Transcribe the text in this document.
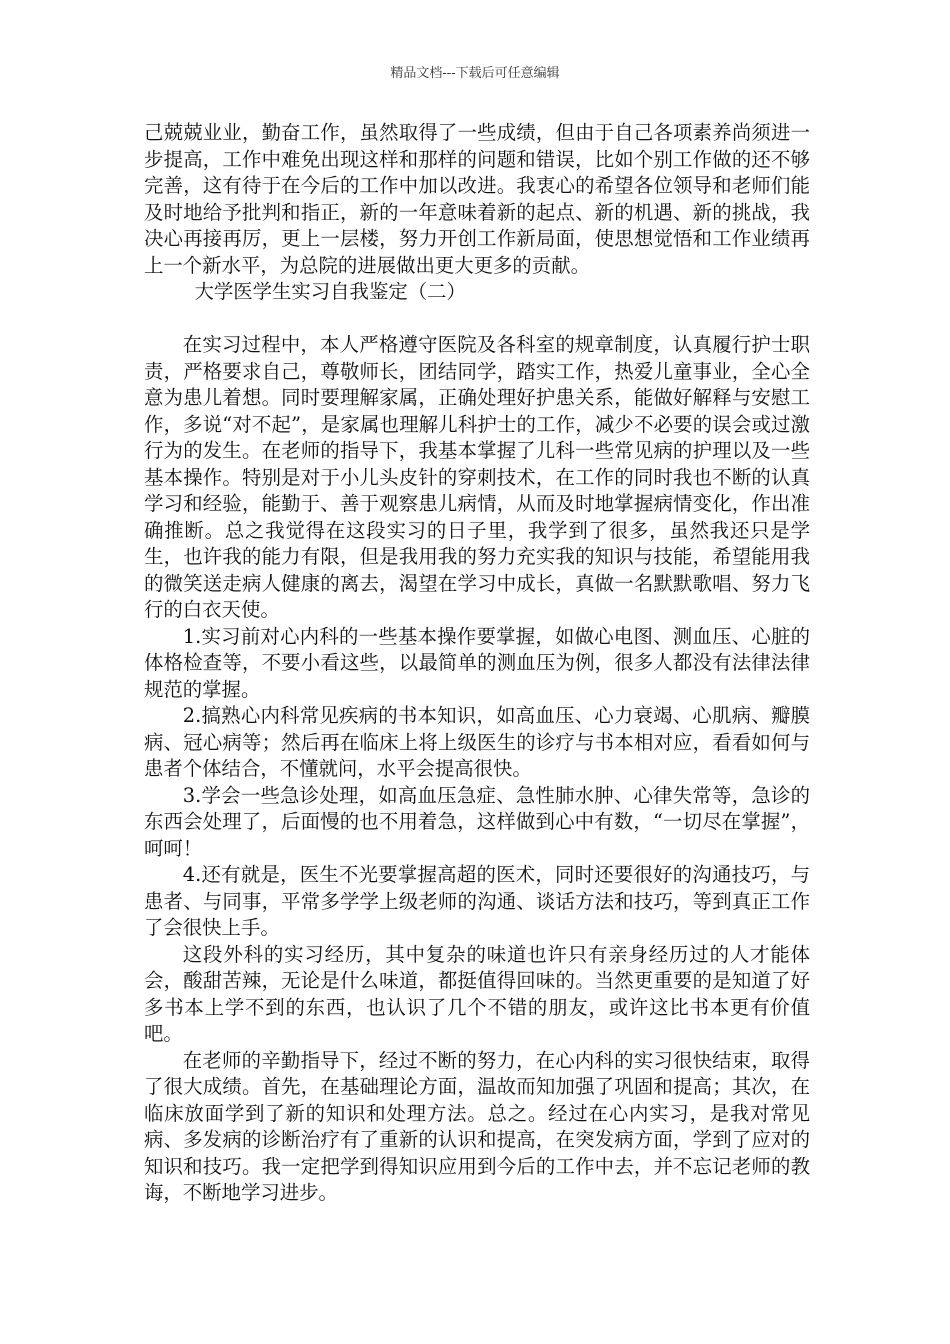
精品文档---下载后可任意编辑

己兢兢业业，勤奋工作，虽然取得了一些成绩，但由于自己各项素养尚须进一步提高，工作中难免出现这样和那样的问题和错误，比如个别工作做的还不够完善，这有待于在今后的工作中加以改进。我衷心的希望各位领导和老师们能及时地给予批判和指正，新的一年意味着新的起点、新的机遇、新的挑战，我决心再接再厉，更上一层楼，努力开创工作新局面，使思想觉悟和工作业绩再上一个新水平，为总院的进展做出更大更多的贡献。

大学医学生实习自我鉴定（二）

在实习过程中，本人严格遵守医院及各科室的规章制度，认真履行护士职责，严格要求自己，尊敬师长，团结同学，踏实工作，热爱儿童事业，全心全意为患儿着想。同时要理解家属，正确处理好护患关系，能做好解释与安慰工作，多说“对不起”，是家属也理解儿科护士的工作，减少不必要的误会或过激行为的发生。在老师的指导下，我基本掌握了儿科一些常见病的护理以及一些基本操作。特别是对于小儿头皮针的穿刺技术，在工作的同时我也不断的认真学习和经验，能勤于、善于观察患儿病情，从而及时地掌握病情变化，作出准确推断。总之我觉得在这段实习的日子里，我学到了很多，虽然我还只是学生，也许我的能力有限，但是我用我的努力充实我的知识与技能，希望能用我的微笑送走病人健康的离去，渴望在学习中成长，真做一名默默歌唱、努力飞行的白衣天使。

1.实习前对心内科的一些基本操作要掌握，如做心电图、测血压、心脏的体格检查等，不要小看这些，以最简单的测血压为例，很多人都没有法律法律规范的掌握。

2.搞熟心内科常见疾病的书本知识，如高血压、心力衰竭、心肌病、瓣膜病、冠心病等；然后再在临床上将上级医生的诊疗与书本相对应，看看如何与患者个体结合，不懂就问，水平会提高很快。

3.学会一些急诊处理，如高血压急症、急性肺水肿、心律失常等，急诊的东西会处理了，后面慢的也不用着急，这样做到心中有数，“一切尽在掌握”，呵呵！

4.还有就是，医生不光要掌握高超的医术，同时还要很好的沟通技巧，与患者、与同事，平常多学学上级老师的沟通、谈话方法和技巧，等到真正工作了会很快上手。

这段外科的实习经历，其中复杂的味道也许只有亲身经历过的人才能体会，酸甜苦辣，无论是什么味道，都挺值得回味的。当然更重要的是知道了好多书本上学不到的东西，也认识了几个不错的朋友，或许这比书本更有价值吧。

在老师的辛勤指导下，经过不断的努力，在心内科的实习很快结束，取得了很大成绩。首先，在基础理论方面，温故而知加强了巩固和提高；其次，在临床放面学到了新的知识和处理方法。总之。经过在心内实习，是我对常见病、多发病的诊断治疗有了重新的认识和提高，在突发病方面，学到了应对的知识和技巧。我一定把学到得知识应用到今后的工作中去，并不忘记老师的教诲，不断地学习进步。
